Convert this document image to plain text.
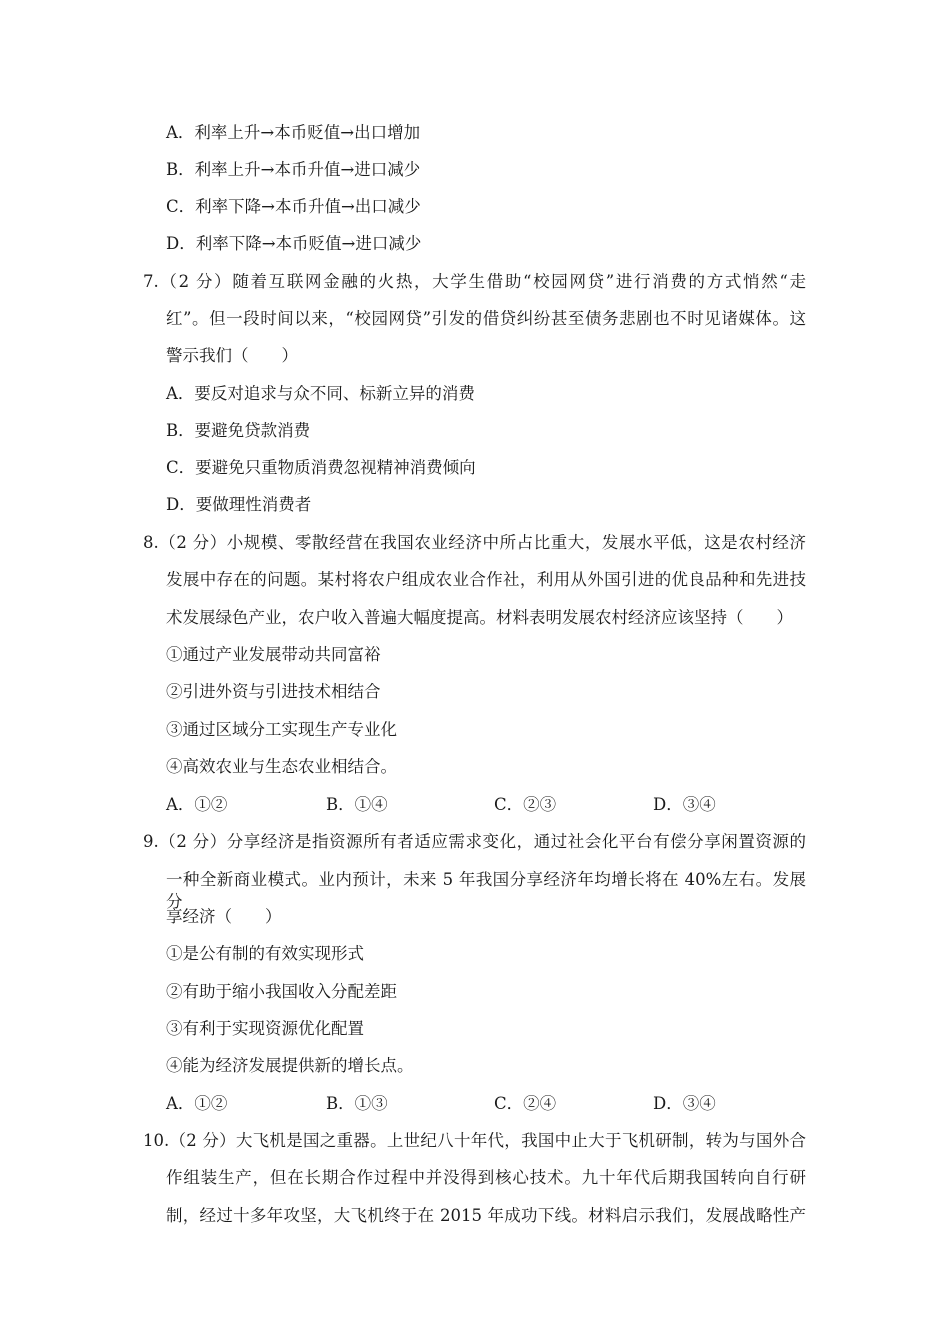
A．利率上升→本币贬值→出口增加
B．利率上升→本币升值→进口减少
C．利率下降→本币升值→出口减少
D．利率下降→本币贬值→进口减少
7.（2 分）随着互联网金融的火热，大学生借助“校园网贷”进行消费的方式悄然“走
红”。但一段时间以来，“校园网贷”引发的借贷纠纷甚至债务悲剧也不时见诸媒体。这
警示我们（　　）
A．要反对追求与众不同、标新立异的消费
B．要避免贷款消费
C．要避免只重物质消费忽视精神消费倾向
D．要做理性消费者
8.（2 分）小规模、零散经营在我国农业经济中所占比重大，发展水平低，这是农村经济
发展中存在的问题。某村将农户组成农业合作社，利用从外国引进的优良品种和先进技
术发展绿色产业，农户收入普遍大幅度提高。材料表明发展农村经济应该坚持（　　）
①通过产业发展带动共同富裕
②引进外资与引进技术相结合
③通过区域分工实现生产专业化
④高效农业与生态农业相结合。
A．①②	B．①④	C．②③	D．③④
9.（2 分）分享经济是指资源所有者适应需求变化，通过社会化平台有偿分享闲置资源的
一种全新商业模式。业内预计，未来 5 年我国分享经济年均增长将在 40%左右。发展分
享经济（　　）
①是公有制的有效实现形式
②有助于缩小我国收入分配差距
③有利于实现资源优化配置
④能为经济发展提供新的增长点。
A．①②	B．①③	C．②④	D．③④
10.（2 分）大飞机是国之重器。上世纪八十年代，我国中止大于飞机研制，转为与国外合
作组装生产，但在长期合作过程中并没得到核心技术。九十年代后期我国转向自行研
制，经过十多年攻坚，大飞机终于在 2015 年成功下线。材料启示我们，发展战略性产
